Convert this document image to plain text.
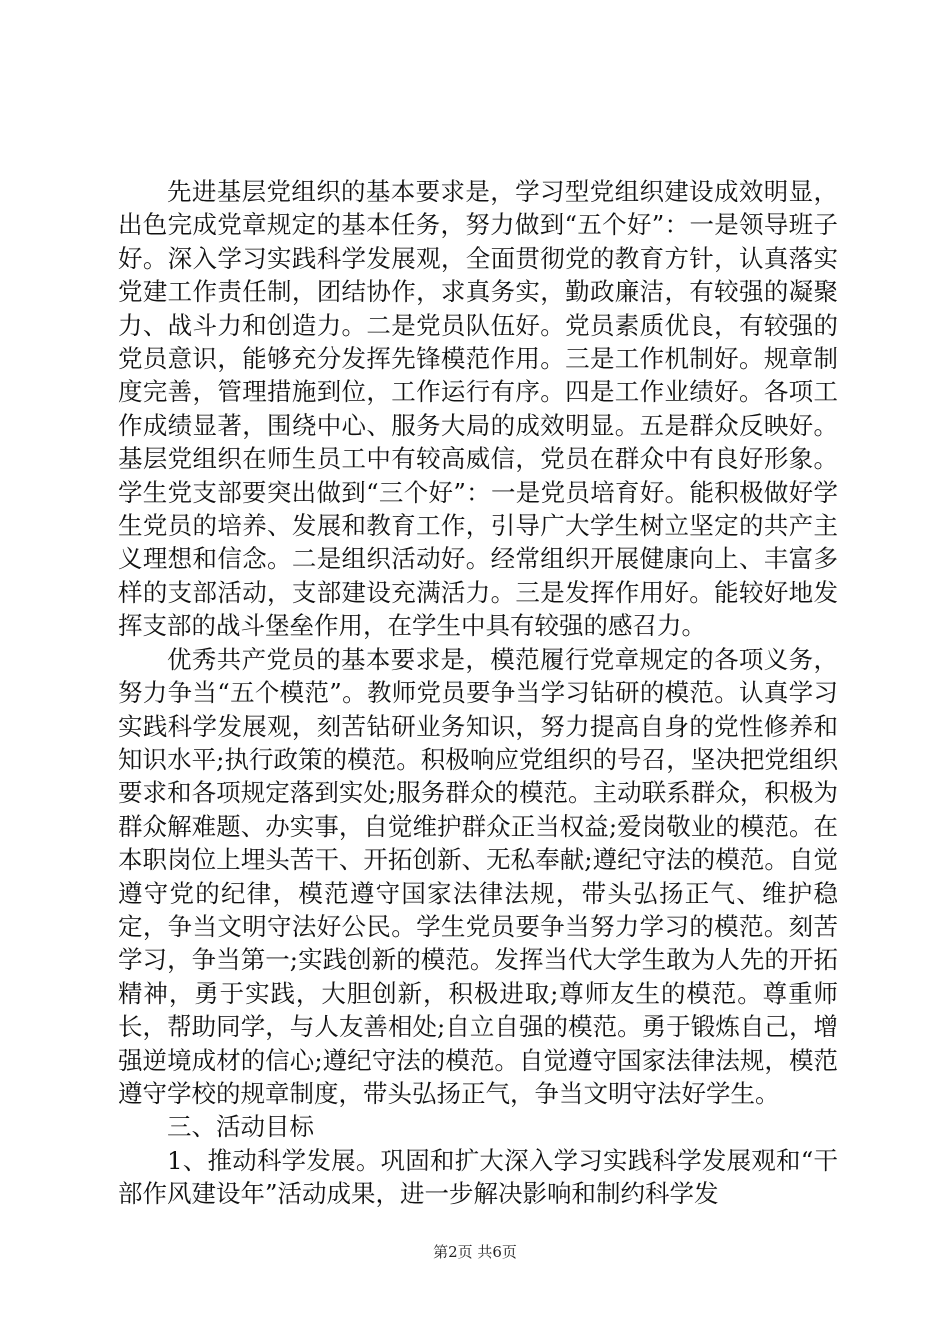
先进基层党组织的基本要求是，学习型党组织建设成效明显，出色完成党章规定的基本任务，努力做到“五个好”：一是领导班子好。深入学习实践科学发展观，全面贯彻党的教育方针，认真落实党建工作责任制，团结协作，求真务实，勤政廉洁，有较强的凝聚力、战斗力和创造力。二是党员队伍好。党员素质优良，有较强的党员意识，能够充分发挥先锋模范作用。三是工作机制好。规章制度完善，管理措施到位，工作运行有序。四是工作业绩好。各项工作成绩显著，围绕中心、服务大局的成效明显。五是群众反映好。基层党组织在师生员工中有较高威信，党员在群众中有良好形象。学生党支部要突出做到“三个好”：一是党员培育好。能积极做好学生党员的培养、发展和教育工作，引导广大学生树立坚定的共产主义理想和信念。二是组织活动好。经常组织开展健康向上、丰富多样的支部活动，支部建设充满活力。三是发挥作用好。能较好地发挥支部的战斗堡垒作用，在学生中具有较强的感召力。

优秀共产党员的基本要求是，模范履行党章规定的各项义务，努力争当“五个模范”。教师党员要争当学习钻研的模范。认真学习实践科学发展观，刻苦钻研业务知识，努力提高自身的党性修养和知识水平;执行政策的模范。积极响应党组织的号召，坚决把党组织要求和各项规定落到实处;服务群众的模范。主动联系群众，积极为群众解难题、办实事，自觉维护群众正当权益;爱岗敬业的模范。在本职岗位上埋头苦干、开拓创新、无私奉献;遵纪守法的模范。自觉遵守党的纪律，模范遵守国家法律法规，带头弘扬正气、维护稳定，争当文明守法好公民。学生党员要争当努力学习的模范。刻苦学习，争当第一;实践创新的模范。发挥当代大学生敢为人先的开拓精神，勇于实践，大胆创新，积极进取;尊师友生的模范。尊重师长，帮助同学，与人友善相处;自立自强的模范。勇于锻炼自己，增强逆境成材的信心;遵纪守法的模范。自觉遵守国家法律法规，模范遵守学校的规章制度，带头弘扬正气，争当文明守法好学生。

三、活动目标

1、推动科学发展。巩固和扩大深入学习实践科学发展观和“干部作风建设年”活动成果，进一步解决影响和制约科学发

第2页 共6页
